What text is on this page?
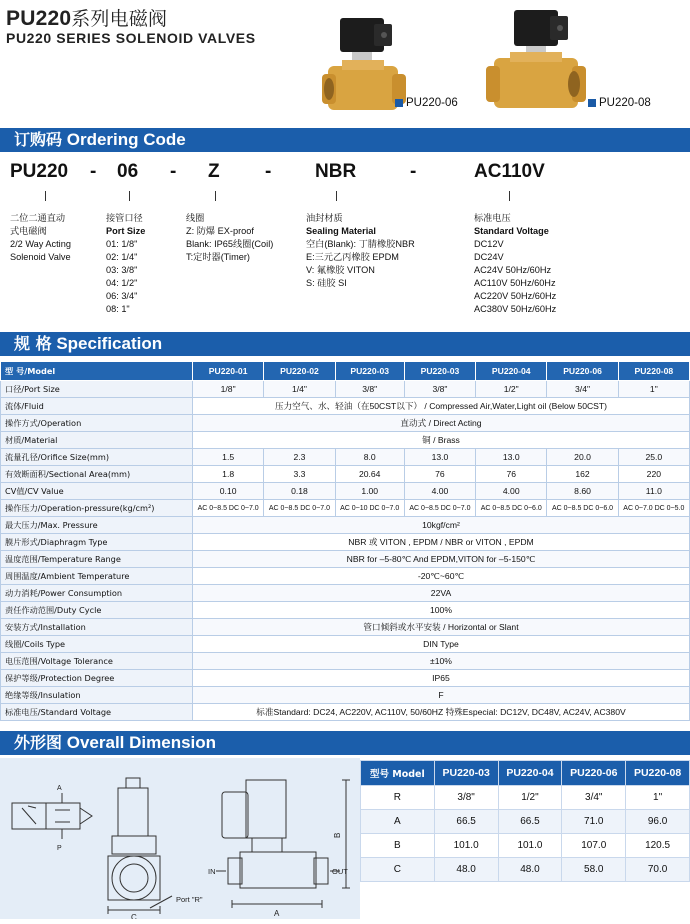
PU220系列电磁阀
PU220 SERIES SOLENOID VALVES
PU220-06	PU220-08
订购码 Ordering Code
PU220 - 06 - Z - NBR	-	AC110V
二位二通直动
式电磁阀
2/2 Way Acting
Solenoid Valve
接管口径
Port Size
01: 1/8"
02: 1/4"
03: 3/8"
04: 1/2"
06: 3/4"
08: 1"
线圈
Z: 防爆 EX-proof
Blank: IP65线圈(Coil)
T:定时器(Timer)
油封材质
Sealing Material
空白(Blank): 丁腈橡胶NBR
E:三元乙丙橡胶 EPDM
V: 氟橡胶 VITON
S: 硅胶 SI
标准电压
Standard Voltage
DC12V
DC24V
AC24V 50Hz/60Hz
AC110V 50Hz/60Hz
AC220V 50Hz/60Hz
AC380V 50Hz/60Hz
规 格 Specification
型 号/Model	PU220-01	PU220-02	PU220-03	PU220-03	PU220-04	PU220-06	PU220-08
口径/Port Size	1/8"	1/4"	3/8"	3/8"	1/2"	3/4"	1"
流体/Fluid	压力空气、水、轻油（在50CST以下） / Compressed Air,Water,Light oil (Below 50CST)						
操作方式/Operation	直动式 / Direct Acting						
材质/Material	铜 / Brass						
流量孔径/Orifice Size(mm)	1.5	2.3	8.0	13.0	13.0	20.0	25.0
有效断面积/Sectional Area(mm)	1.8	3.3	20.64	76	76	162	220
CV值/CV Value	0.10	0.18	1.00	4.00	4.00	8.60	11.0
操作压力/Operation-pressure(kg/cm²)	AC 0~8.5 DC 0~7.0	AC 0~8.5 DC 0~7.0	AC 0~10 DC 0~7.0	AC 0~8.5 DC 0~7.0	AC 0~8.5 DC 0~6.0	AC 0~8.5 DC 0~6.0	AC 0~7.0 DC 0~5.0
最大压力/Max. Pressure	10kgf/cm²						
膜片形式/Diaphragm Type	NBR 或 VITON , EPDM / NBR or VITON , EPDM						
温度范围/Temperature Range	NBR for –5-80℃ And EPDM,VITON for –5-150℃						
周围温度/Ambient Temperature	-20℃~60℃						
动力消耗/Power Consumption	22VA						
责任作动范围/Duty Cycle	100%						
安装方式/Installation	管口倾斜或水平安装 / Horizontal or Slant						
线圈/Coils Type	DIN Type						
电压范围/Voltage Tolerance	±10%						
保护等级/Protection Degree	IP65						
绝缘等级/Insulation	F						
标准电压/Standard Voltage	标准Standard: DC24, AC220V, AC110V, 50/60HZ 特殊Especial: DC12V, DC48V, AC24V, AC380V						
外形图 Overall Dimension
A
P
C
Port "R"
IN	OUT
A
B
型号 Model	PU220-03	PU220-04	PU220-06	PU220-08
R	3/8"	1/2"	3/4"	1"
A	66.5	66.5	71.0	96.0
B	101.0	101.0	107.0	120.5
C	48.0	48.0	58.0	70.0
